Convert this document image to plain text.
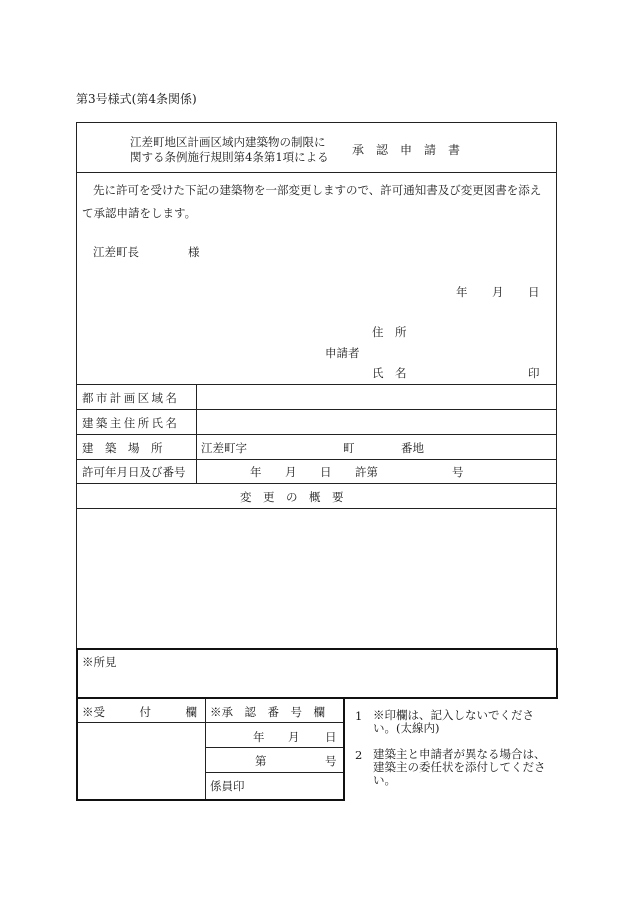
第3号様式(第4条関係)
江差町地区計画区域内建築物の制限に
関する条例施行規則第4条第1項による 承　認　申　請　書
先に許可を受けた下記の建築物を一部変更しますので、許可通知書及び変更図書を添え
て承認申請をします。
江差町長	様
年 月 日
住　所
申請者
氏　名	印
都市計画区域名
建築主住所氏名
建　築　場　所	江差町字	町	番地
許可年月日及び番号	年 月 日 許第	号
変　更　の　概　要
※所見
※受　　　付　　　欄 ※承　認　番　号　欄
年 月 日
第	号
係員印
1 ※印欄は、記入しないでください。(太線内)
2 建築主と申請者が異なる場合は、建築主の委任状を添付してください。
